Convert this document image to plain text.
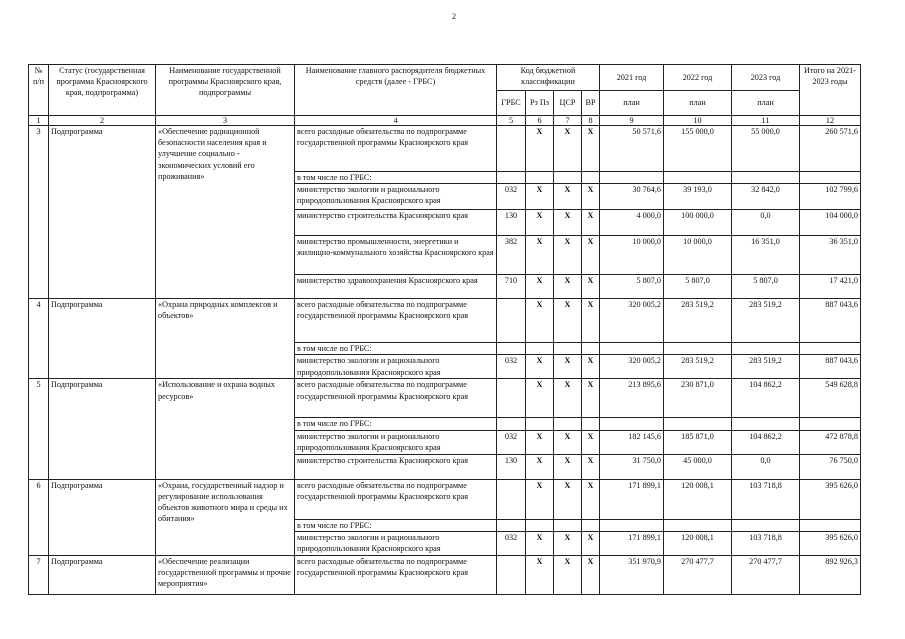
2
№ п/п	Статус (государственная программа Красноярского края, подпрограмма)	Наименование государственной программы Красноярского края, подпрограммы	Наименование главного распорядителя бюджетных средств (далее - ГРБС)	Код бюджетной классификации				2021 год	2022 год	2023 год	Итого на 2021-2023 годы
				ГРБС	Рз Пз	ЦСР	ВР	план	план	план	
1	2	3	4	5	6	7	8	9	10	11	12
3	Подпрограмма	«Обеспечение радиационной безопасности населения края и улучшение социально - экономических условий его проживания»	всего расходные обязательства по подпрограмме государственной программы Красноярского края		X	X	X	50 571,6	155 000,0	55 000,0	260 571,6
			в том числе по ГРБС:								
			министерство экологии и рационального природопользования Красноярского края	032	X	X	X	30 764,6	39 193,0	32 842,0	102 799,6
			министерство строительства Красноярского края	130	X	X	X	4 000,0	100 000,0	0,0	104 000,0
			министерство промышленности, энергетики и жилищно-коммунального хозяйства Красноярского края	382	X	X	X	10 000,0	10 000,0	16 351,0	36 351,0
			министерство здравоохранения Красноярского края	710	X	X	X	5 807,0	5 807,0	5 807,0	17 421,0
4	Подпрограмма	«Охрана природных комплексов и объектов»	всего расходные обязательства по подпрограмме государственной программы Красноярского края		X	X	X	320 005,2	283 519,2	283 519,2	887 043,6
			в том числе по ГРБС:								
			министерство экологии и рационального природопользования Красноярского края	032	X	X	X	320 005,2	283 519,2	283 519,2	887 043,6
5	Подпрограмма	«Использование и охрана водных ресурсов»	всего расходные обязательства по подпрограмме государственной программы Красноярского края		X	X	X	213 895,6	230 871,0	104 862,2	549 628,8
			в том числе по ГРБС:								
			министерство экологии и рационального природопользования Красноярского края	032	X	X	X	182 145,6	185 871,0	104 862,2	472 878,8
			министерство строительства Красноярского края	130	X	X	X	31 750,0	45 000,0	0,0	76 750,0
6	Подпрограмма	«Охрана, государственный надзор и регулирование использования объектов животного мира и среды их обитания»	всего расходные обязательства по подпрограмме государственной программы Красноярского края		X	X	X	171 899,1	120 008,1	103 718,8	395 626,0
			в том числе по ГРБС:								
			министерство экологии и рационального природопользования Красноярского края	032	X	X	X	171 899,1	120 008,1	103 718,8	395 626,0
7	Подпрограмма	«Обеспечение реализации государственной программы и прочие мероприятия»	всего расходные обязательства по подпрограмме государственной программы Красноярского края		X	X	X	351 970,9	270 477,7	270 477,7	892 926,3
